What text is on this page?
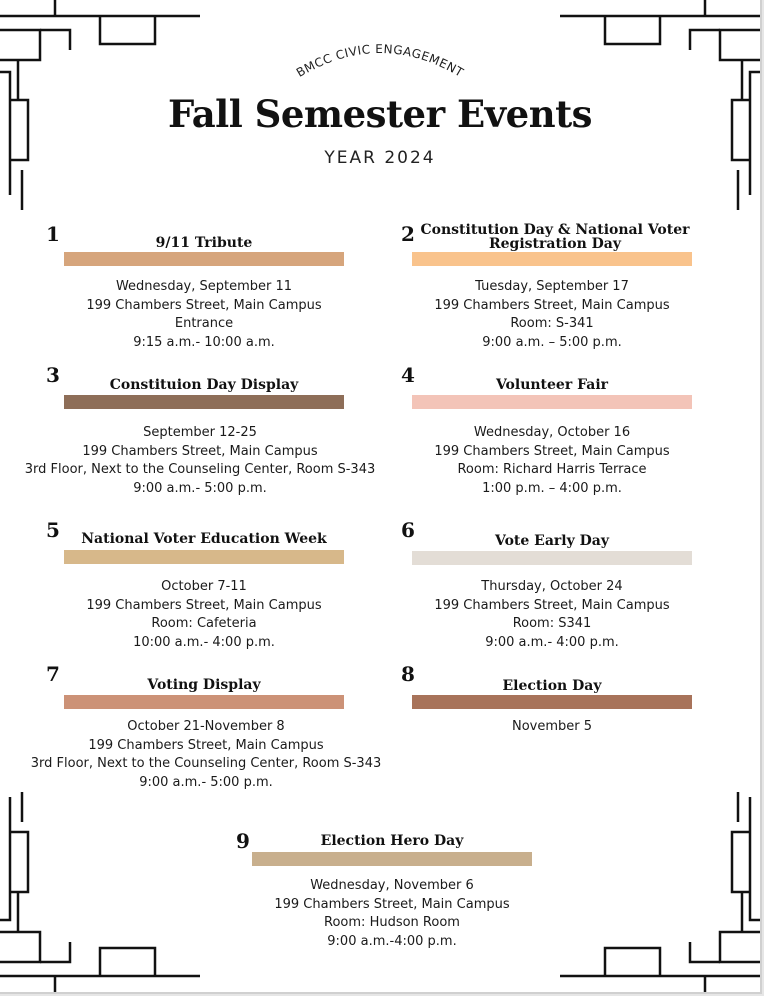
BMCC CIVIC ENGAGEMENT
Fall Semester Events
YEAR 2024
1	9/11 Tribute
Wednesday, September 11
199 Chambers Street, Main Campus
Entrance
9:15 a.m.- 10:00 a.m.
2 Constitution Day & National Voter Registration Day
Tuesday, September 17
199 Chambers Street, Main Campus
Room: S-341
9:00 a.m. – 5:00 p.m.
3	Constituion Day Display
September 12-25
199 Chambers Street, Main Campus
3rd Floor, Next to the Counseling Center, Room S-343
9:00 a.m.- 5:00 p.m.
4	Volunteer Fair
Wednesday, October 16
199 Chambers Street, Main Campus
Room: Richard Harris Terrace
1:00 p.m. – 4:00 p.m.
5	National Voter Education Week
October 7-11
199 Chambers Street, Main Campus
Room: Cafeteria
10:00 a.m.- 4:00 p.m.
6	Vote Early Day
Thursday, October 24
199 Chambers Street, Main Campus
Room: S341
9:00 a.m.- 4:00 p.m.
7	Voting Display
October 21-November 8
199 Chambers Street, Main Campus
3rd Floor, Next to the Counseling Center, Room S-343
9:00 a.m.- 5:00 p.m.
8	Election Day
November 5
9	Election Hero Day
Wednesday, November 6
199 Chambers Street, Main Campus
Room: Hudson Room
9:00 a.m.-4:00 p.m.
